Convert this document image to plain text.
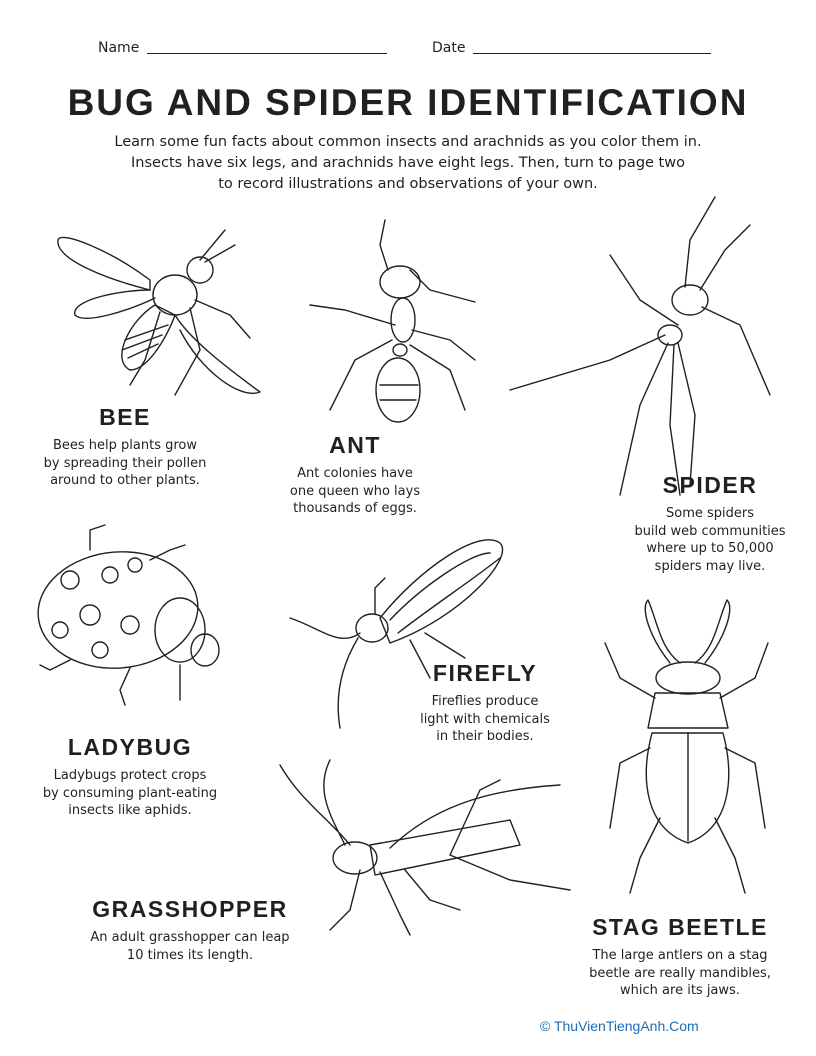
Name	Date
BUG AND SPIDER IDENTIFICATION
Learn some fun facts about common insects and arachnids as you color them in.
Insects have six legs, and arachnids have eight legs. Then, turn to page two
to record illustrations and observations of your own.
BEE

Bees help plants grow
by spreading their pollen
around to other plants.

ANT

Ant colonies have
one queen who lays
thousands of eggs.

SPIDER

Some spiders
build web communities
where up to 50,000
spiders may live.

LADYBUG

Ladybugs protect crops
by consuming plant-eating
insects like aphids.

FIREFLY

Fireflies produce
light with chemicals
in their bodies.

STAG BEETLE

The large antlers on a stag
beetle are really mandibles,
which are its jaws.

GRASSHOPPER

An adult grasshopper can leap
10 times its length.

© ThuVienTiengAnh.Com
